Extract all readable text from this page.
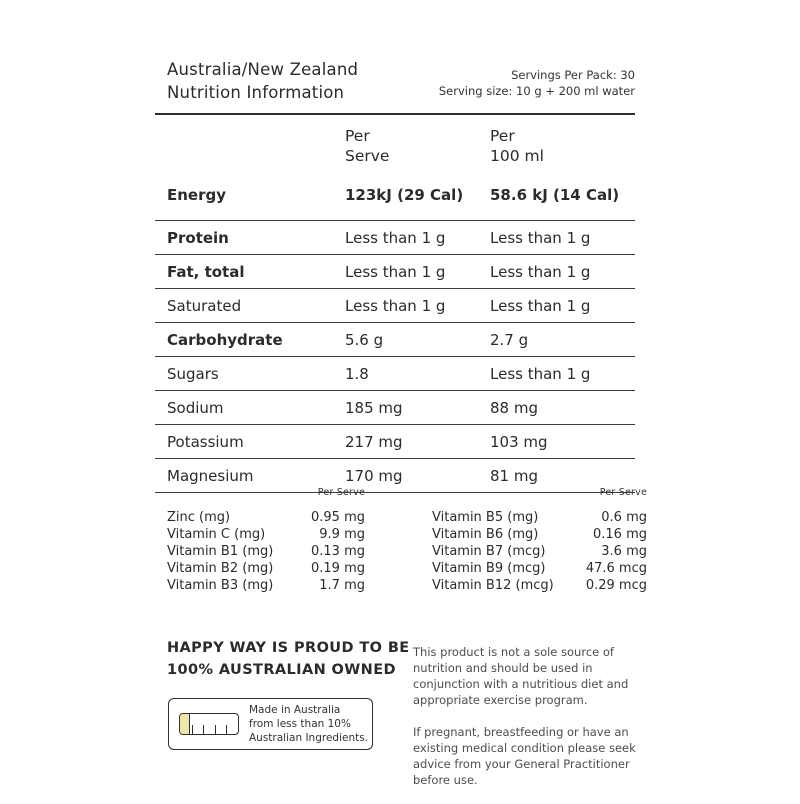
Australia/New Zealand
Nutrition Information
Servings Per Pack: 30
Serving size: 10 g + 200 ml water
Per
Serve
Per
100 ml
Energy	123kJ (29 Cal)	58.6 kJ (14 Cal)
Protein	Less than 1 g	Less than 1 g
Fat, total	Less than 1 g	Less than 1 g
Saturated	Less than 1 g	Less than 1 g
Carbohydrate	5.6 g	2.7 g
Sugars	1.8	Less than 1 g
Sodium	185 mg	88 mg
Potassium	217 mg	103 mg
Magnesium	170 mg	81 mg
Per Serve
Zinc (mg)	0.95 mg
Vitamin C (mg)	9.9 mg
Vitamin B1 (mg)	0.13 mg
Vitamin B2 (mg)	0.19 mg
Vitamin B3 (mg)	1.7 mg
Per Serve
Vitamin B5 (mg)	0.6 mg
Vitamin B6 (mg)	0.16 mg
Vitamin B7 (mcg)	3.6 mg
Vitamin B9 (mcg)	47.6 mcg
Vitamin B12 (mcg) 0.29 mcg
HAPPY WAY IS PROUD TO BE
100% AUSTRALIAN OWNED
Made in Australia
from less than 10%
Australian Ingredients.

This product is not a sole source of nutrition and should be used in conjunction with a nutritious diet and appropriate exercise program.

If pregnant, breastfeeding or have an existing medical condition please seek advice from your General Practitioner before use.
